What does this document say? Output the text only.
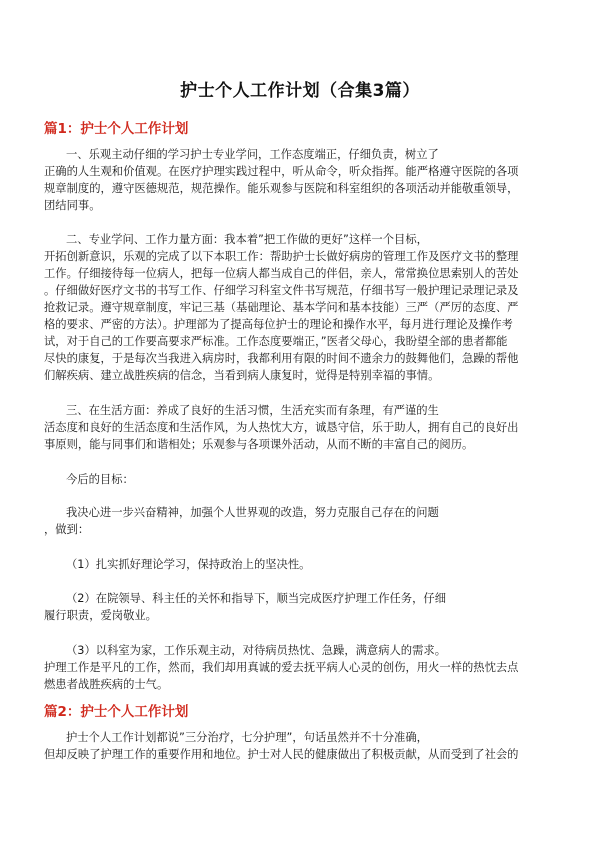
护士个人工作计划（合集3篇）
篇1：护士个人工作计划
一、乐观主动仔细的学习护士专业学问，工作态度端正，仔细负责，树立了
正确的人生观和价值观。在医疗护理实践过程中，听从命令，听众指挥。能严格遵守医院的各项
规章制度的，遵守医德规范，规范操作。能乐观参与医院和科室组织的各项活动并能敬重领导，
团结同事。
二、专业学问、工作力量方面：我本着”把工作做的更好”这样一个目标，
开拓创新意识，乐观的完成了以下本职工作：帮助护士长做好病房的管理工作及医疗文书的整理
工作。仔细接待每一位病人，把每一位病人都当成自己的伴侣，亲人，常常换位思索别人的苦处
。仔细做好医疗文书的书写工作、仔细学习科室文件书写规范，仔细书写一般护理记录理记录及
抢救记录。遵守规章制度，牢记三基（基础理论、基本学问和基本技能）三严（严厉的态度、严
格的要求、严密的方法）。护理部为了提高每位护士的理论和操作水平，每月进行理论及操作考
试，对于自己的工作要高要求严标准。工作态度要端正，”医者父母心，我盼望全部的患者都能
尽快的康复，于是每次当我进入病房时，我都利用有限的时间不遗余力的鼓舞他们，急躁的帮他
们解疾病、建立战胜疾病的信念，当看到病人康复时，觉得是特别幸福的事情。
三、在生活方面：养成了良好的生活习惯，生活充实而有条理，有严谨的生
活态度和良好的生活态度和生活作风，为人热忱大方，诚恳守信，乐于助人，拥有自己的良好出
事原则，能与同事们和谐相处；乐观参与各项课外活动，从而不断的丰富自己的阅历。
今后的目标：
我决心进一步兴奋精神，加强个人世界观的改造，努力克服自己存在的问题
，做到：
（1）扎实抓好理论学习，保持政治上的坚决性。
（2）在院领导、科主任的关怀和指导下，顺当完成医疗护理工作任务，仔细
履行职责，爱岗敬业。
（3）以科室为家，工作乐观主动，对待病员热忱、急躁，满意病人的需求。
护理工作是平凡的工作，然而，我们却用真诚的爱去抚平病人心灵的创伤，用火一样的热忱去点
燃患者战胜疾病的士气。
篇2：护士个人工作计划
护士个人工作计划都说”三分治疗，七分护理”，句话虽然并不十分准确，
但却反映了护理工作的重要作用和地位。护士对人民的健康做出了积极贡献，从而受到了社会的
